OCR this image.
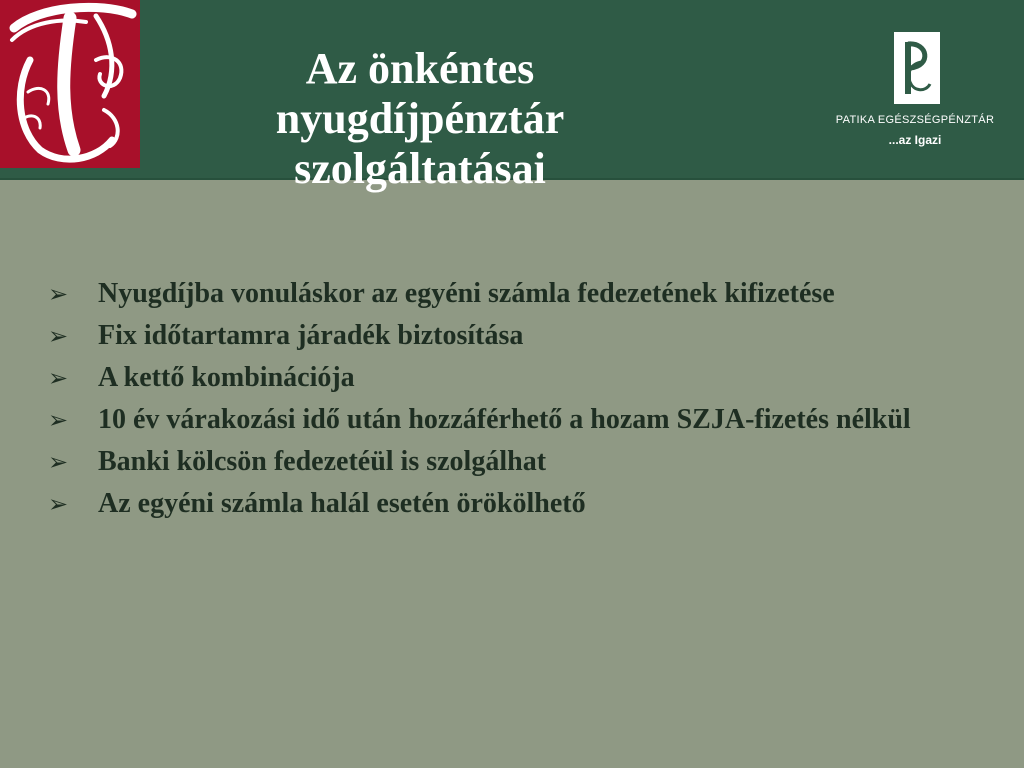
Az önkéntes nyugdíjpénztár
szolgáltatásai
PATIKA EGÉSZSÉGPÉNZTÁR
...az Igazi
➢ Nyugdíjba vonuláskor az egyéni számla fedezetének kifizetése
➢ Fix időtartamra járadék biztosítása
➢ A kettő kombinációja
➢ 10 év várakozási idő után hozzáférhető a hozam SZJA-fizetés nélkül
➢ Banki kölcsön fedezetéül is szolgálhat
➢ Az egyéni számla halál esetén örökölhető
